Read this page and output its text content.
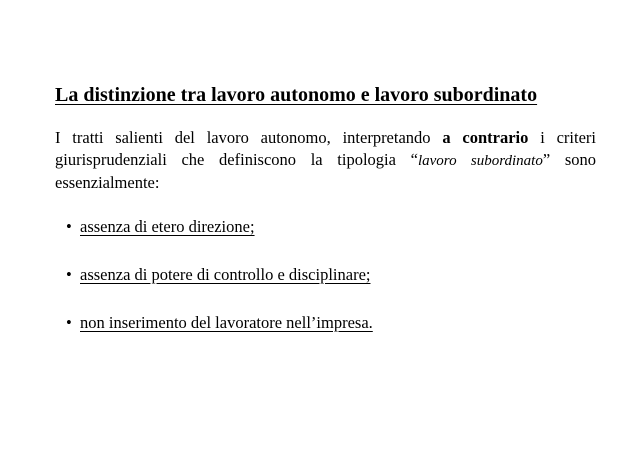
La distinzione tra lavoro autonomo e lavoro subordinato

I tratti salienti del lavoro autonomo, interpretando a contrario i criteri
giurisprudenziali che definiscono la tipologia “lavoro subordinato” sono
essenzialmente:

• assenza di etero direzione;
• assenza di potere di controllo e disciplinare;
• non inserimento del lavoratore nell’impresa.
